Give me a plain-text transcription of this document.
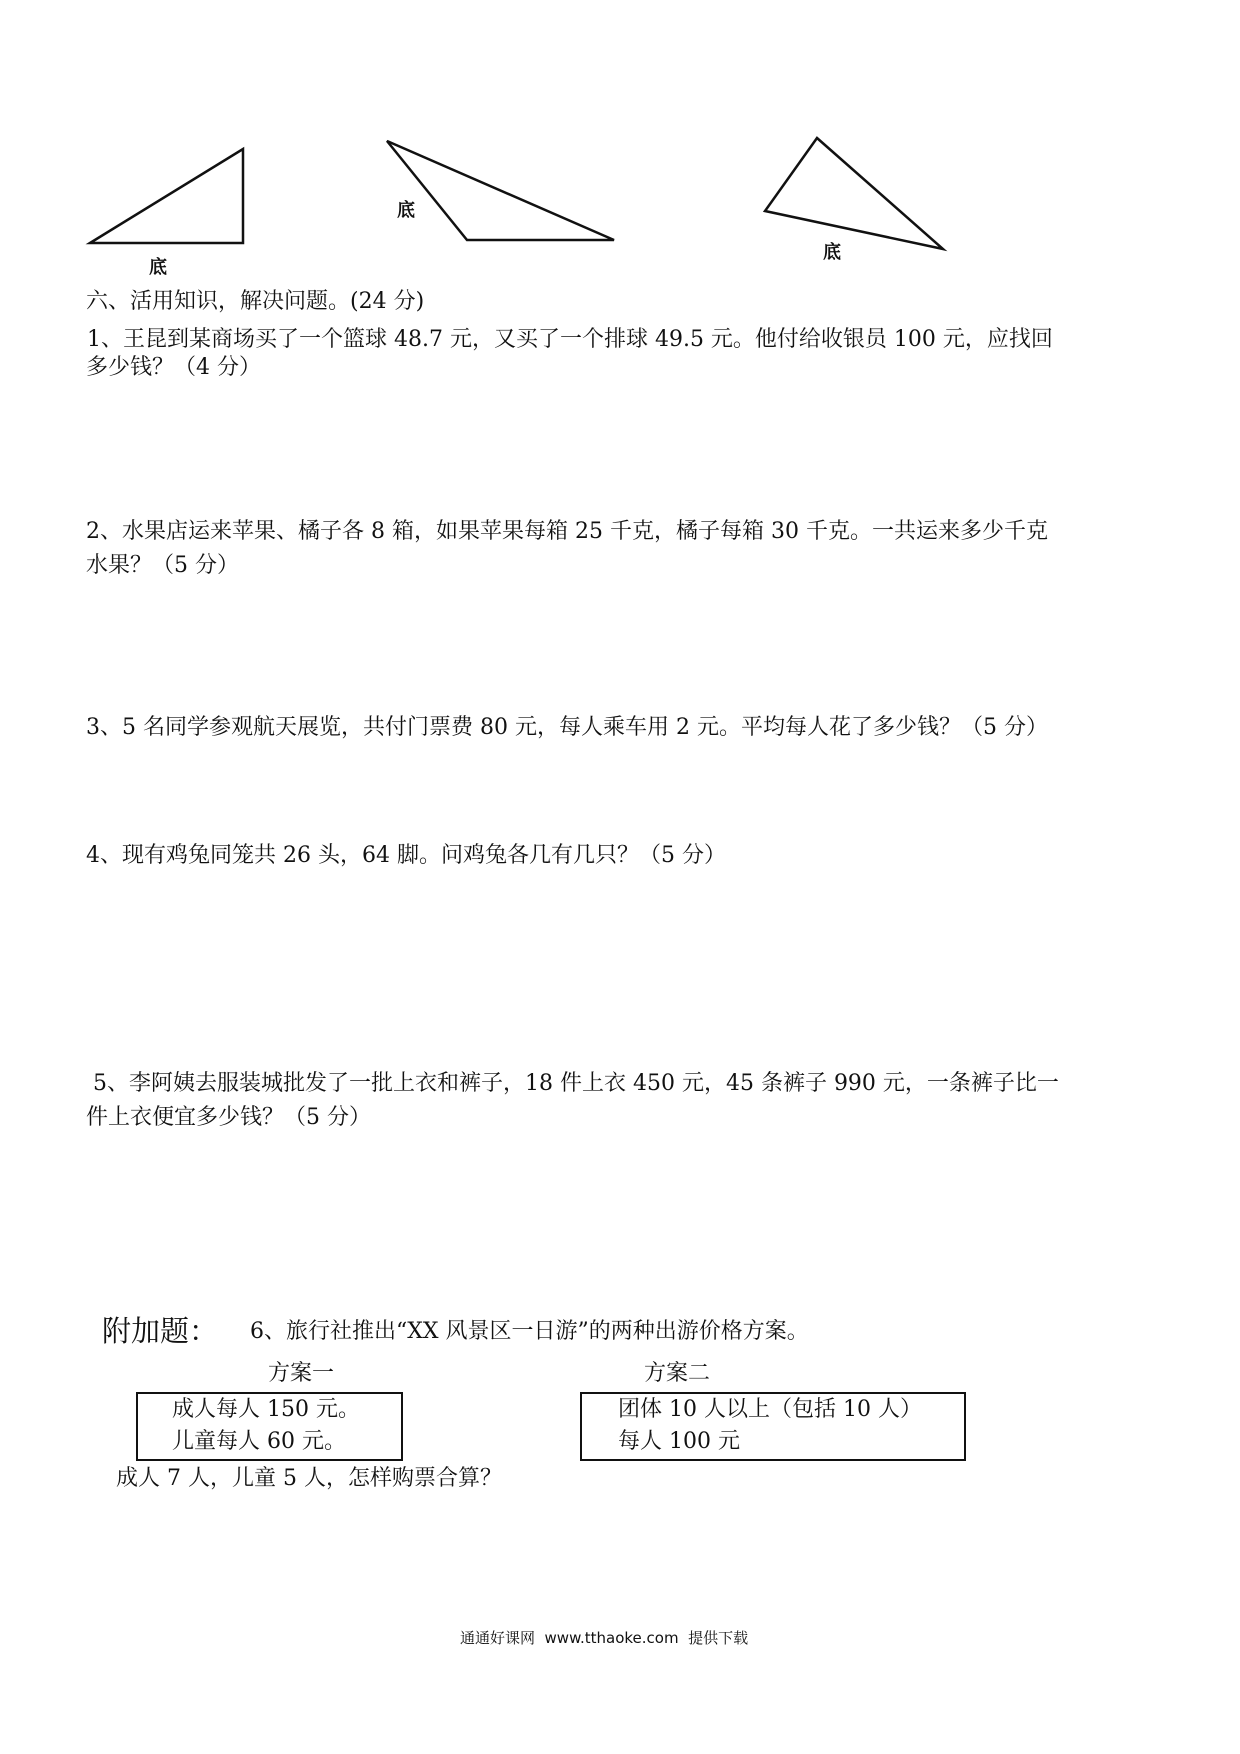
底
底
底
六、活用知识，解决问题。(24 分)
1、王昆到某商场买了一个篮球 48.7 元，又买了一个排球 49.5 元。他付给收银员 100 元，应找回
多少钱？（4 分）
2、水果店运来苹果、橘子各 8 箱，如果苹果每箱 25 千克，橘子每箱 30 千克。一共运来多少千克
水果？（5 分）
3、5 名同学参观航天展览，共付门票费 80 元，每人乘车用 2 元。平均每人花了多少钱？（5 分）
4、现有鸡兔同笼共 26 头，64 脚。问鸡兔各几有几只？（5 分）
5、李阿姨去服装城批发了一批上衣和裤子，18 件上衣 450 元，45 条裤子 990 元，一条裤子比一
件上衣便宜多少钱？（5 分）
附加题： 6、旅行社推出“XX 风景区一日游”的两种出游价格方案。
方案一	方案二
成人每人 150 元。
儿童每人 60 元。
团体 10 人以上（包括 10 人）
每人 100 元
成人 7 人，儿童 5 人，怎样购票合算？
通通好课网  www.tthaoke.com  提供下载
